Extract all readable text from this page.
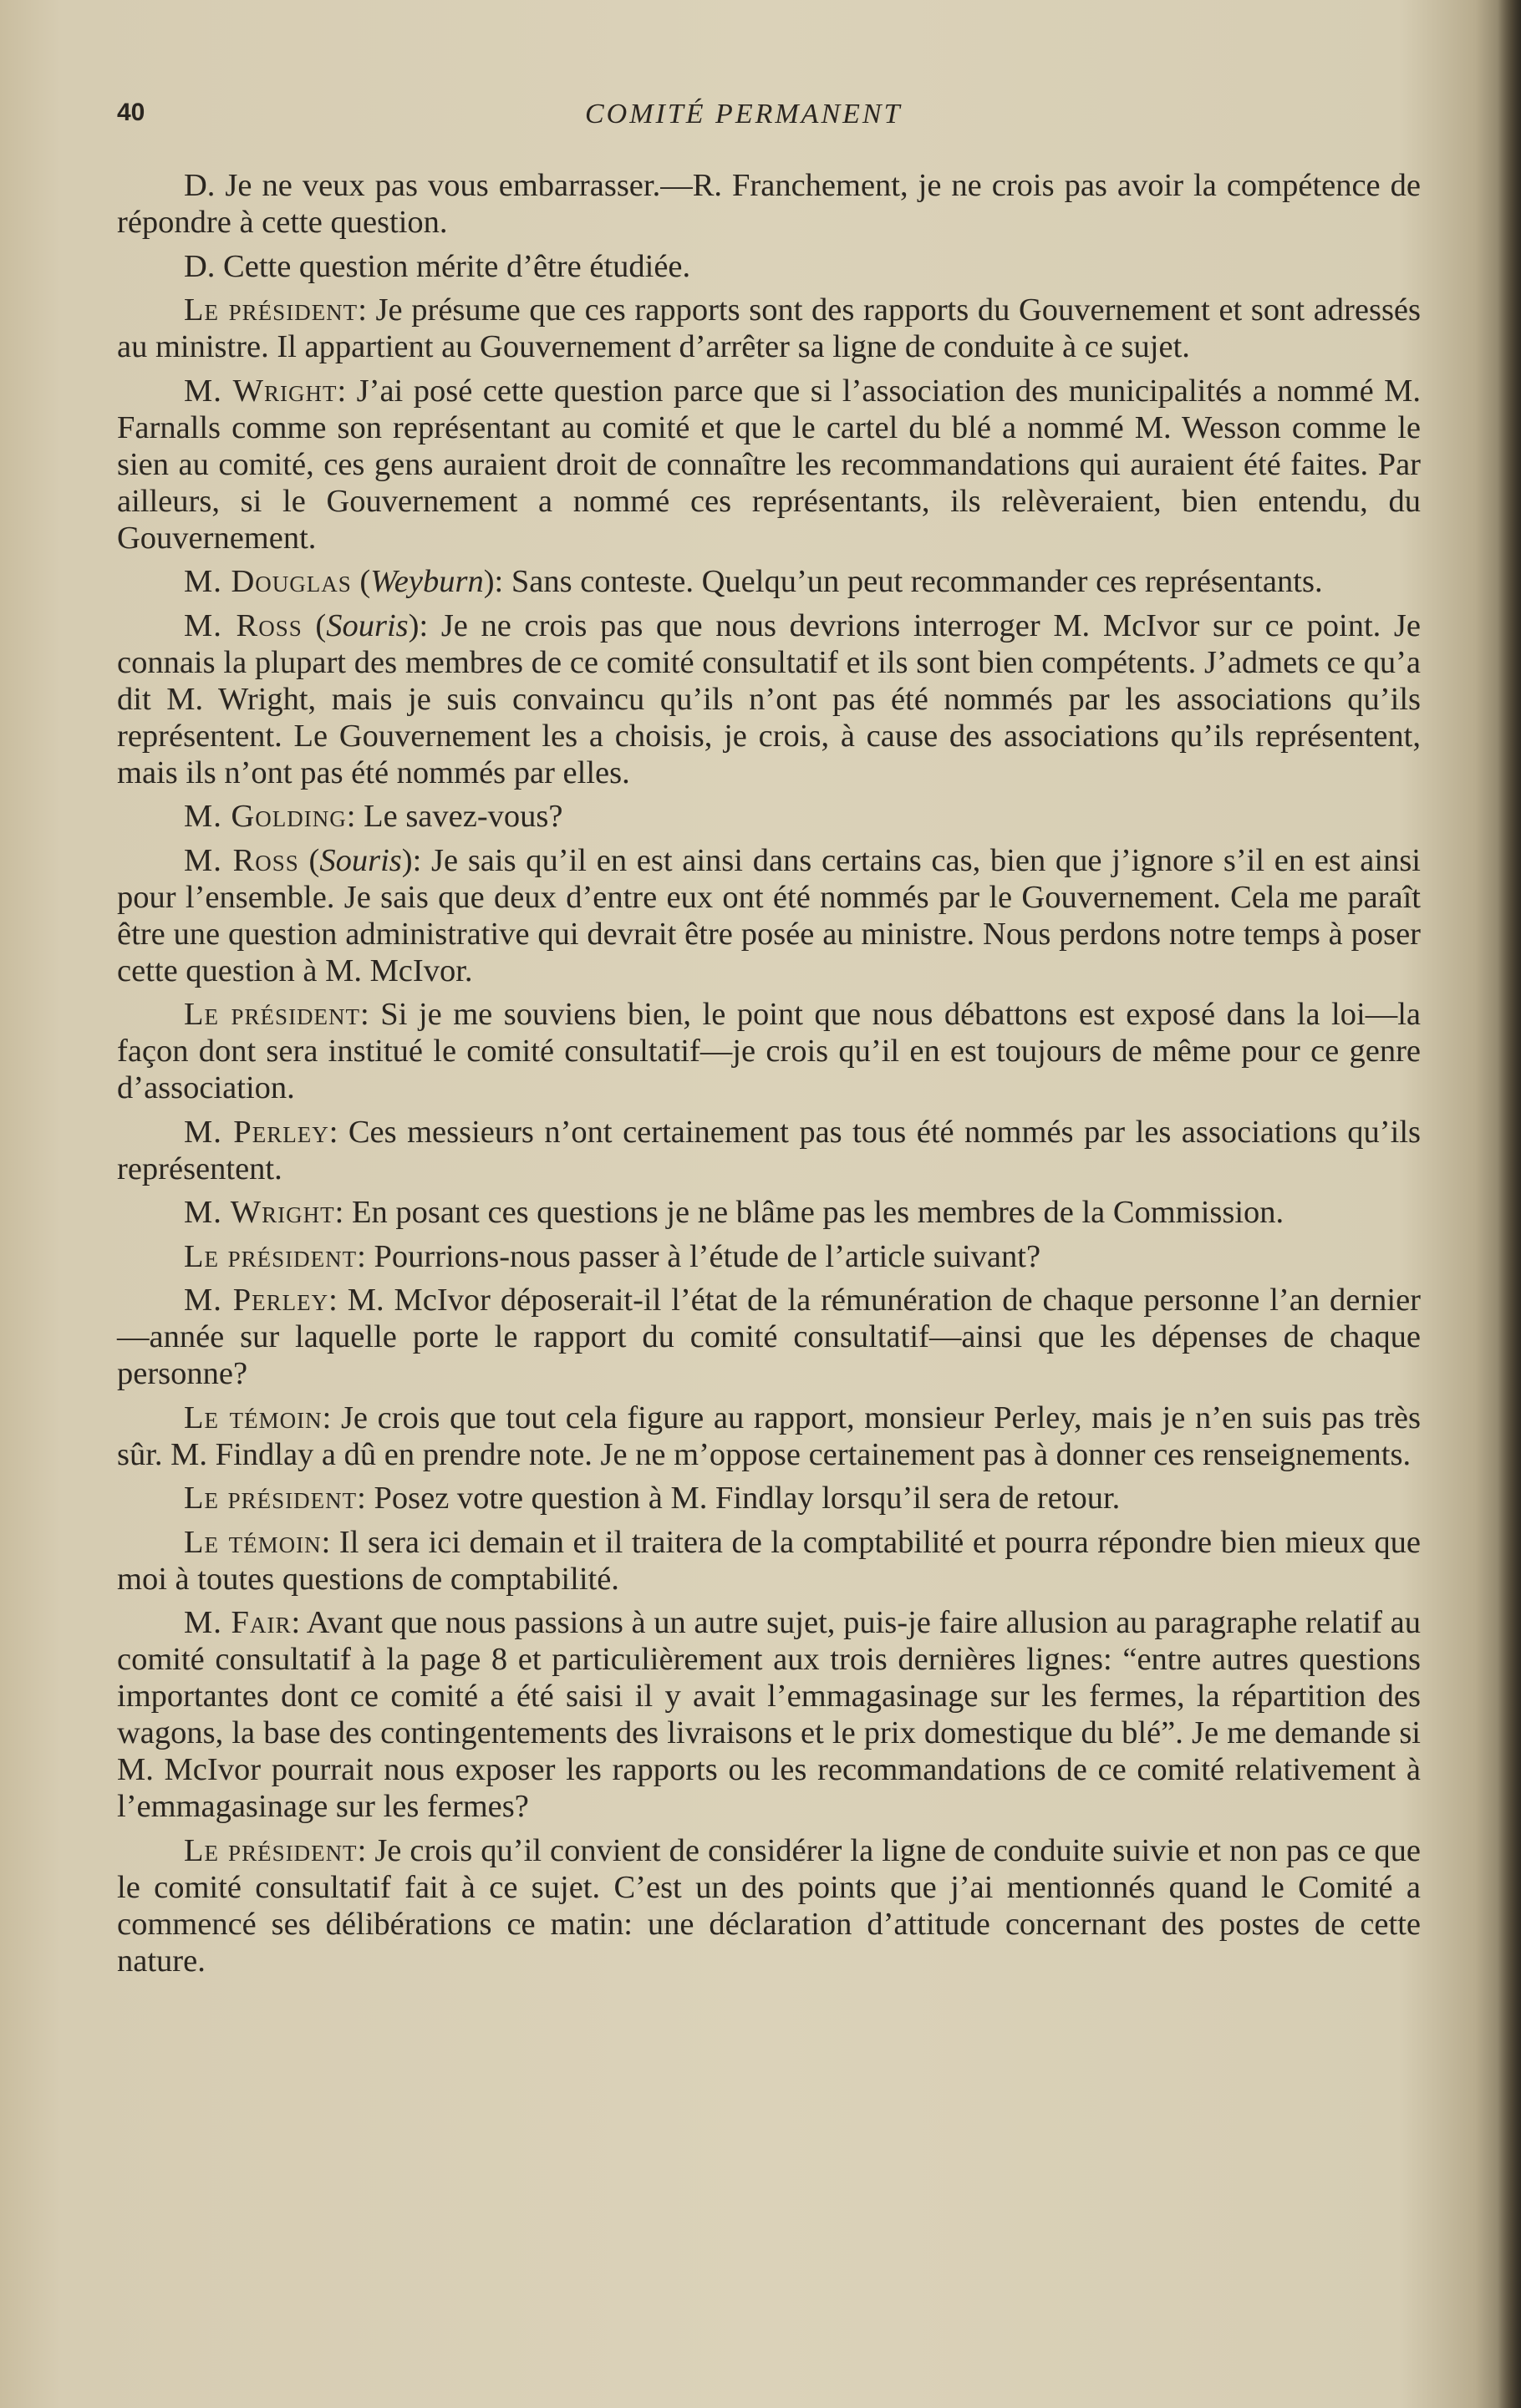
40	COMITÉ PERMANENT

D. Je ne veux pas vous embarrasser.—R. Franchement, je ne crois pas avoir la compétence de répondre à cette question.

D. Cette question mérite d’être étudiée.

Le président: Je présume que ces rapports sont des rapports du Gouvernement et sont adressés au ministre. Il appartient au Gouvernement d’arrêter sa ligne de conduite à ce sujet.

M. Wright: J’ai posé cette question parce que si l’association des municipalités a nommé M. Farnalls comme son représentant au comité et que le cartel du blé a nommé M. Wesson comme le sien au comité, ces gens auraient droit de connaître les recommandations qui auraient été faites. Par ailleurs, si le Gouvernement a nommé ces représentants, ils relèveraient, bien entendu, du Gouvernement.

M. Douglas (Weyburn): Sans conteste. Quelqu’un peut recommander ces représentants.

M. Ross (Souris): Je ne crois pas que nous devrions interroger M. McIvor sur ce point. Je connais la plupart des membres de ce comité consultatif et ils sont bien compétents. J’admets ce qu’a dit M. Wright, mais je suis convaincu qu’ils n’ont pas été nommés par les associations qu’ils représentent. Le Gouvernement les a choisis, je crois, à cause des associations qu’ils représentent, mais ils n’ont pas été nommés par elles.

M. Golding: Le savez-vous?

M. Ross (Souris): Je sais qu’il en est ainsi dans certains cas, bien que j’ignore s’il en est ainsi pour l’ensemble. Je sais que deux d’entre eux ont été nommés par le Gouvernement. Cela me paraît être une question administrative qui devrait être posée au ministre. Nous perdons notre temps à poser cette question à M. McIvor.

Le président: Si je me souviens bien, le point que nous débattons est exposé dans la loi—la façon dont sera institué le comité consultatif—je crois qu’il en est toujours de même pour ce genre d’association.

M. Perley: Ces messieurs n’ont certainement pas tous été nommés par les associations qu’ils représentent.

M. Wright: En posant ces questions je ne blâme pas les membres de la Commission.

Le président: Pourrions-nous passer à l’étude de l’article suivant?

M. Perley: M. McIvor déposerait-il l’état de la rémunération de chaque personne l’an dernier—année sur laquelle porte le rapport du comité consultatif—ainsi que les dépenses de chaque personne?

Le témoin: Je crois que tout cela figure au rapport, monsieur Perley, mais je n’en suis pas très sûr. M. Findlay a dû en prendre note. Je ne m’oppose certainement pas à donner ces renseignements.

Le président: Posez votre question à M. Findlay lorsqu’il sera de retour.

Le témoin: Il sera ici demain et il traitera de la comptabilité et pourra répondre bien mieux que moi à toutes questions de comptabilité.

M. Fair: Avant que nous passions à un autre sujet, puis-je faire allusion au paragraphe relatif au comité consultatif à la page 8 et particulièrement aux trois dernières lignes: “entre autres questions importantes dont ce comité a été saisi il y avait l’emmagasinage sur les fermes, la répartition des wagons, la base des contingentements des livraisons et le prix domestique du blé”. Je me demande si M. McIvor pourrait nous exposer les rapports ou les recommandations de ce comité relativement à l’emmagasinage sur les fermes?

Le président: Je crois qu’il convient de considérer la ligne de conduite suivie et non pas ce que le comité consultatif fait à ce sujet. C’est un des points que j’ai mentionnés quand le Comité a commencé ses délibérations ce matin: une déclaration d’attitude concernant des postes de cette nature.
